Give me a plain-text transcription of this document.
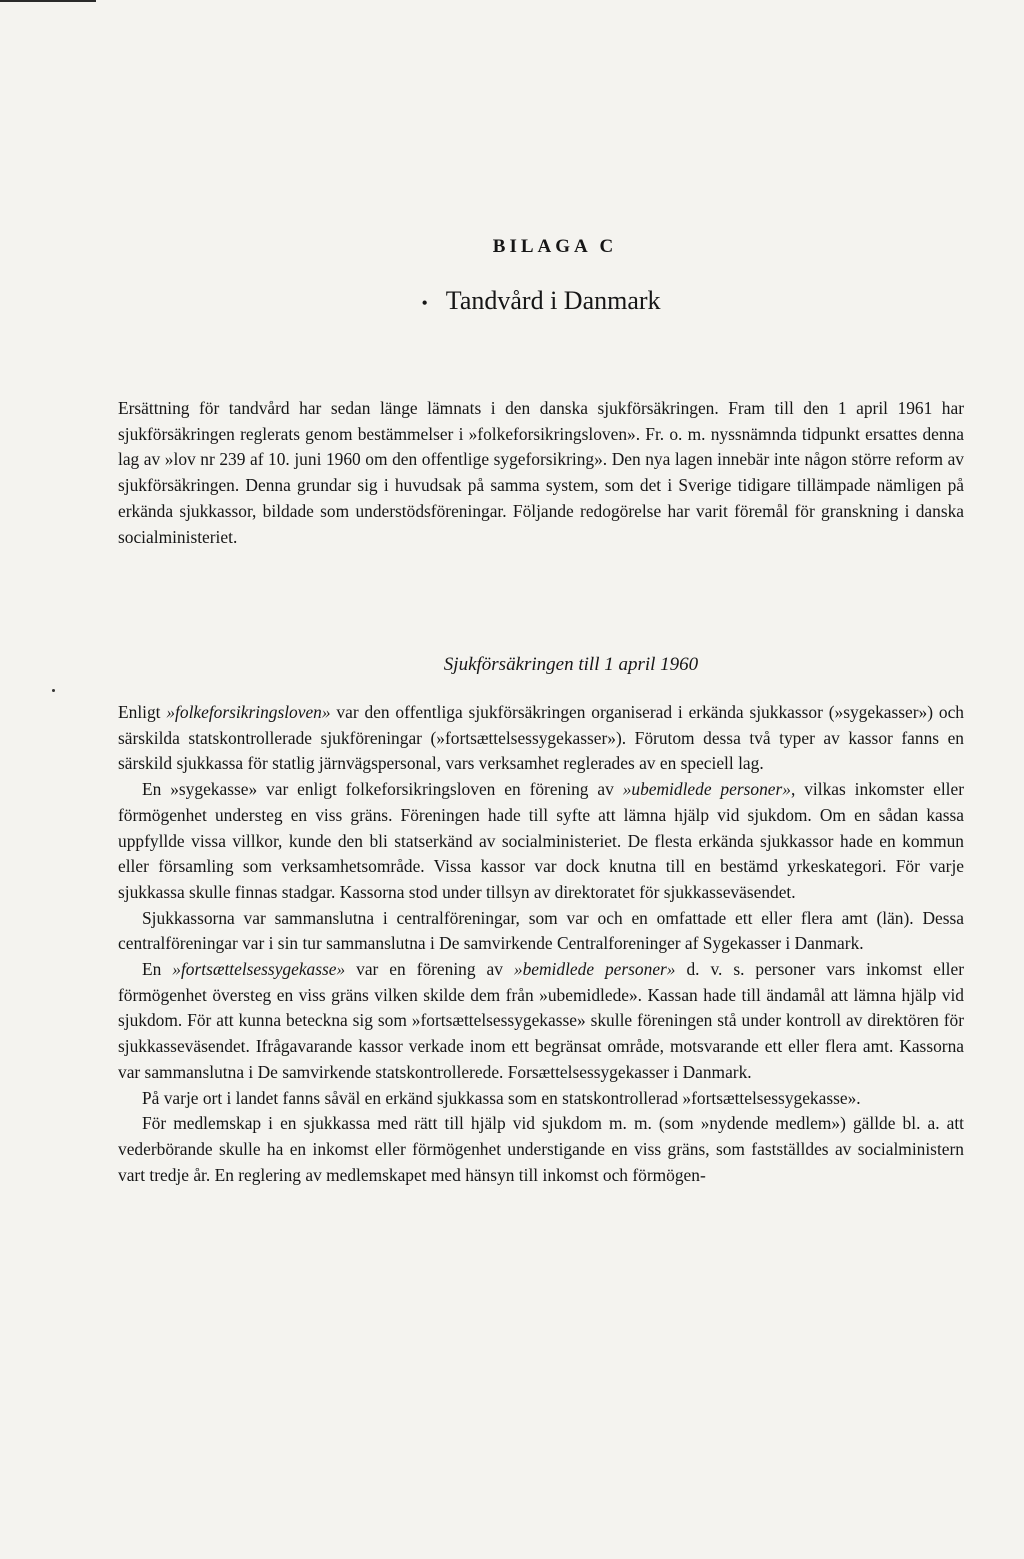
BILAGA C
• Tandvård i Danmark

Ersättning för tandvård har sedan länge lämnats i den danska sjukförsäkringen. Fram till den 1 april 1961 har sjukförsäkringen reglerats genom bestämmelser i »folkeforsikringsloven». Fr. o. m. nyssnämnda tidpunkt ersattes denna lag av »lov nr 239 af 10. juni 1960 om den offentlige sygeforsikring». Den nya lagen innebär inte någon större reform av sjukförsäkringen. Denna grundar sig i huvudsak på samma system, som det i Sverige tidigare tillämpade nämligen på erkända sjukkassor, bildade som understödsföreningar. Följande redogörelse har varit föremål för granskning i danska socialministeriet.

Sjukförsäkringen till 1 april 1960

Enligt »folkeforsikringsloven» var den offentliga sjukförsäkringen organiserad i erkända sjukkassor (»sygekasser») och särskilda statskontrollerade sjukföreningar (»fortsættelsessygekasser»). Förutom dessa två typer av kassor fanns en särskild sjukkassa för statlig järnvägspersonal, vars verksamhet reglerades av en speciell lag.

En »sygekasse» var enligt folkeforsikringsloven en förening av »ubemidlede personer», vilkas inkomster eller förmögenhet understeg en viss gräns. Föreningen hade till syfte att lämna hjälp vid sjukdom. Om en sådan kassa uppfyllde vissa villkor, kunde den bli statserkänd av socialministeriet. De flesta erkända sjukkassor hade en kommun eller församling som verksamhetsområde. Vissa kassor var dock knutna till en bestämd yrkeskategori. För varje sjukkassa skulle finnas stadgar. Kassorna stod under tillsyn av direktoratet för sjukkasseväsendet.

Sjukkassorna var sammanslutna i centralföreningar, som var och en omfattade ett eller flera amt (län). Dessa centralföreningar var i sin tur sammanslutna i De samvirkende Centralforeninger af Sygekasser i Danmark.

En »fortsættelsessygekasse» var en förening av »bemidlede personer» d. v. s. personer vars inkomst eller förmögenhet översteg en viss gräns vilken skilde dem från »ubemidlede». Kassan hade till ändamål att lämna hjälp vid sjukdom. För att kunna beteckna sig som »fortsættelsessygekasse» skulle föreningen stå under kontroll av direktören för sjukkasseväsendet. Ifrågavarande kassor verkade inom ett begränsat område, motsvarande ett eller flera amt. Kassorna var sammanslutna i De samvirkende statskontrollerede. Forsættelsessygekasser i Danmark.

På varje ort i landet fanns såväl en erkänd sjukkassa som en statskontrollerad »fortsættelsessygekasse».

För medlemskap i en sjukkassa med rätt till hjälp vid sjukdom m. m. (som »nydende medlem») gällde bl. a. att vederbörande skulle ha en inkomst eller förmögenhet understigande en viss gräns, som fastställdes av socialministern vart tredje år. En reglering av medlemskapet med hänsyn till inkomst och förmögen-
